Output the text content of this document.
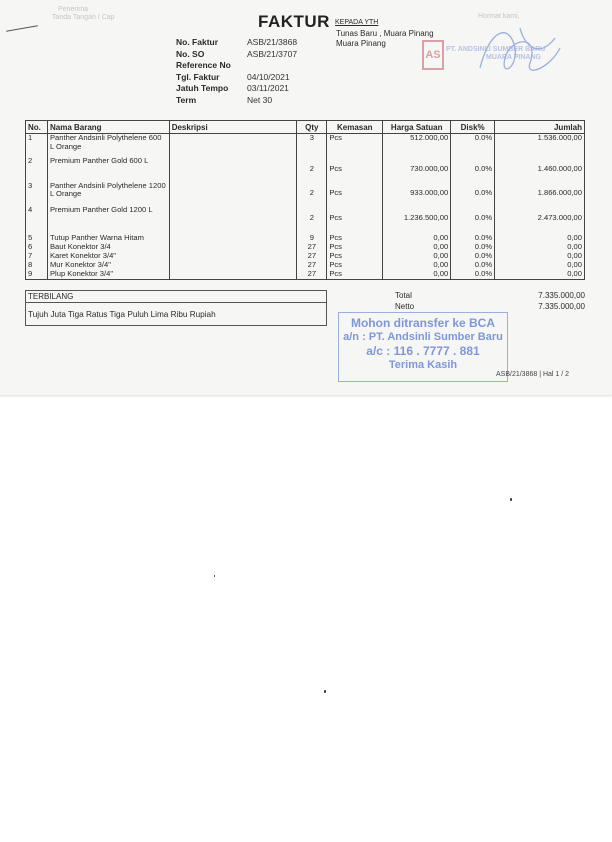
Penerima
Tanda Tangan / Cap	Hormat kami,
FAKTUR KEPADA YTH
Tunas Baru , Muara Pinang
Muara Pinang
No. Faktur	ASB/21/3868
No. SO	ASB/21/3707
Reference No
Tgl. Faktur	04/10/2021
Jatuh Tempo	03/11/2021
Term	Net 30
AS PT. ANDSINLI SUMBER BARU
MUARA PINANG
No.	Nama Barang	Deskripsi	Qty	Kemasan	Harga Satuan	Disk%	Jumlah
1	Panther Andsinli Polythelene 600 L Orange		3	Pcs	512.000,00	0.0%	1.536.000,00
2	Premium Panther Gold 600 L		2	Pcs	730.000,00	0.0%	1.460.000,00
3	Panther Andsinli Polythelene 1200 L Orange		2	Pcs	933.000,00	0.0%	1.866.000,00
4	Premium Panther Gold 1200 L		2	Pcs	1.236.500,00	0.0%	2.473.000,00
5	Tutup Panther Warna Hitam		9	Pcs	0,00	0.0%	0,00
6	Baut Konektor 3/4		27	Pcs	0,00	0.0%	0,00
7	Karet Konektor 3/4"		27	Pcs	0,00	0.0%	0,00
8	Mur Konektor 3/4"		27	Pcs	0,00	0.0%	0,00
9	Plup Konektor 3/4"		27	Pcs	0,00	0.0%	0,00
TERBILANG
Tujuh Juta Tiga Ratus Tiga Puluh Lima Ribu Rupiah
Total	7.335.000,00
Netto	7.335.000,00
Mohon ditransfer ke BCA
a/n : PT. Andsinli Sumber Baru
a/c : 116 . 7777 . 881
Terima Kasih
ASB/21/3868 | Hal 1 / 2
